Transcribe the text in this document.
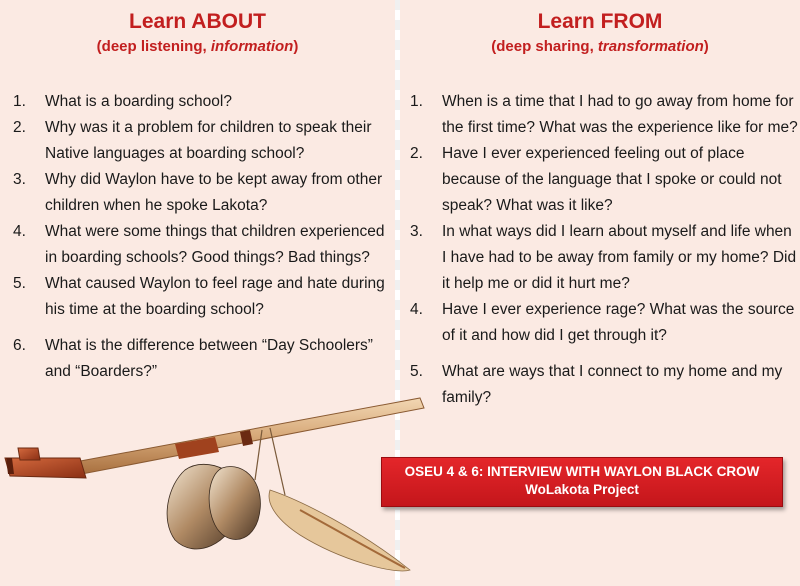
Learn ABOUT
(deep listening, information)
1. What is a boarding school?
2. Why was it a problem for children to speak their Native languages at boarding school?
3. Why did Waylon have to be kept away from other children when he spoke Lakota?
4. What were some things that children experienced in boarding schools? Good things? Bad things?
5. What caused Waylon to feel rage and hate during his time at the boarding school?
6. What is the difference between “Day Schoolers” and “Boarders?”
Learn FROM
(deep sharing, transformation)
1. When is a time that I had to go away from home for the first time? What was the experience like for me?
2. Have I ever experienced feeling out of place because of the language that I spoke or could not speak? What was it like?
3. In what ways did I learn about myself and life when I have had to be away from family or my home? Did it help me or did it hurt me?
4. Have I ever experience rage? What was the source of it and how did I get through it?
5. What are ways that I connect to my home and my family?
OSEU 4 & 6: INTERVIEW WITH WAYLON BLACK CROW
WoLakota Project
